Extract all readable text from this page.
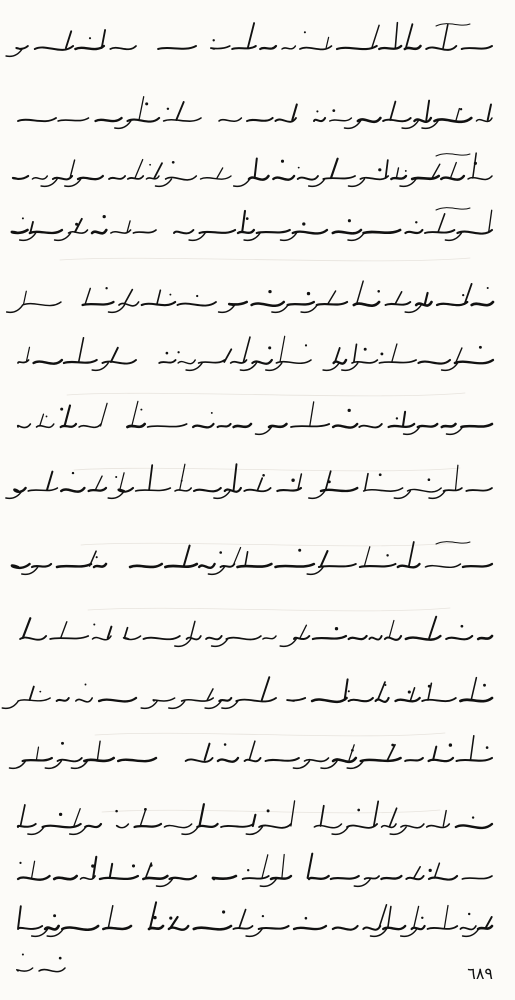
٦٨٩
